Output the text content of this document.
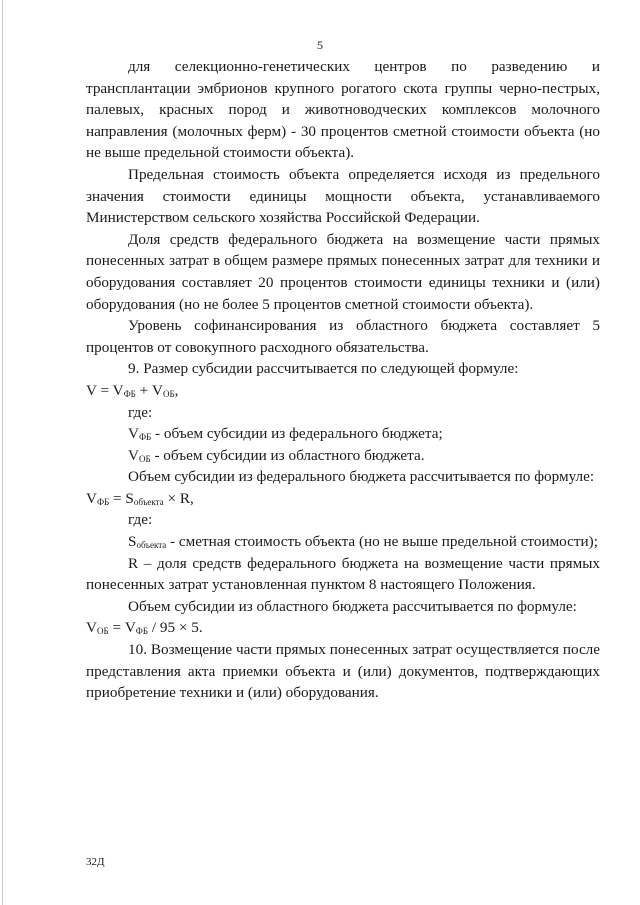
5

для селекционно-генетических центров по разведению и

трансплантации эмбрионов крупного рогатого скота группы черно-пестрых, палевых, красных пород и животноводческих комплексов молочного направления (молочных ферм) - 30 процентов сметной стоимости объекта (но не выше предельной стоимости объекта).

Предельная стоимость объекта определяется исходя из предельного значения стоимости единицы мощности объекта, устанавливаемого Министерством сельского хозяйства Российской Федерации.

Доля средств федерального бюджета на возмещение части прямых понесенных затрат в общем размере прямых понесенных затрат для техники и оборудования составляет 20 процентов стоимости единицы техники и (или) оборудования (но не более 5 процентов сметной стоимости объекта).

Уровень софинансирования из областного бюджета составляет 5 процентов от совокупного расходного обязательства.

9. Размер субсидии рассчитывается по следующей формуле:

$V = V_{ФБ} + V_{ОБ}$,

где:

$V_{ФБ}$ - объем субсидии из федерального бюджета;

$V_{ОБ}$ - объем субсидии из областного бюджета.

Объем субсидии из федерального бюджета рассчитывается по формуле:

$V_{ФБ} = S_{объекта} \times R$,

где:

$S_{объекта}$ - сметная стоимость объекта (но не выше предельной стоимости);

R – доля средств федерального бюджета на возмещение части прямых понесенных затрат установленная пунктом 8 настоящего Положения.

Объем субсидии из областного бюджета рассчитывается по формуле:

$V_{ОБ} = V_{ФБ} / 95 \times 5$.

10. Возмещение части прямых понесенных затрат осуществляется после представления акта приемки объекта и (или) документов, подтверждающих приобретение техники и (или) оборудования.

32Д
